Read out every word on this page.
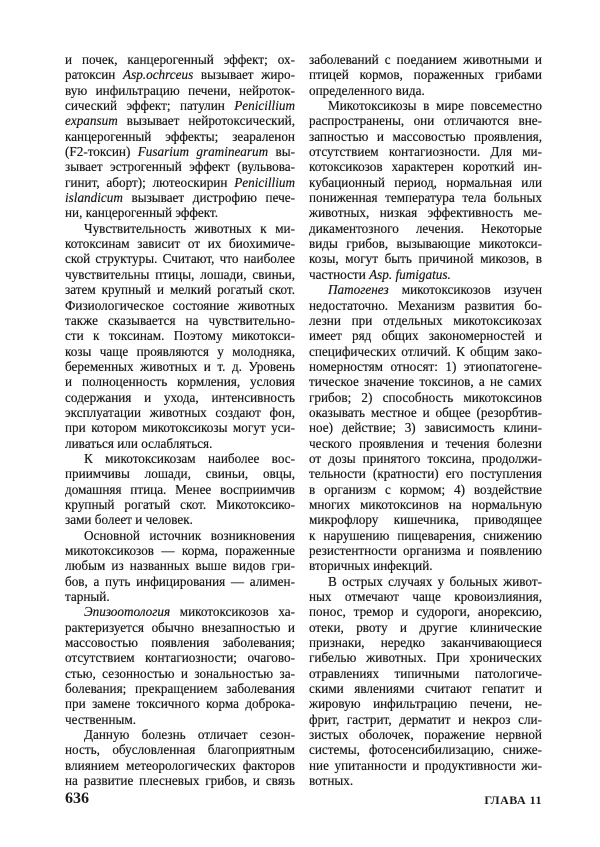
и почек, канцерогенный эффект; ох-
ратоксин Asp.ochrceus вызывает жиро-
вую инфильтрацию печени, нейроток-
сический эффект; патулин Penicillium
expansum вызывает нейротоксический,
канцерогенный эффекты; зеараленон
(F2-токсин) Fusarium graminearum вы-
зывает эстрогенный эффект (вульвова-
гинит, аборт); лютеоскирин Penicillium
islandicum вызывает дистрофию пече-
ни, канцерогенный эффект.
Чувствительность животных к ми-
котоксинам зависит от их биохимиче-
ской структуры. Считают, что наиболее
чувствительны птицы, лошади, свиньи,
затем крупный и мелкий рогатый скот.
Физиологическое состояние животных
также сказывается на чувствительно-
сти к токсинам. Поэтому микотокси-
козы чаще проявляются у молодняка,
беременных животных и т. д. Уровень
и полноценность кормления, условия
содержания и ухода, интенсивность
эксплуатации животных создают фон,
при котором микотоксикозы могут уси-
ливаться или ослабляться.
К микотоксикозам наиболее вос-
приимчивы лошади, свиньи, овцы,
домашняя птица. Менее восприимчив
крупный рогатый скот. Микотоксико-
зами болеет и человек.
Основной источник возникновения
микотоксикозов — корма, пораженные
любым из названных выше видов гри-
бов, а путь инфицирования — алимен-
тарный.
Эпизоотология микотоксикозов ха-
рактеризуется обычно внезапностью и
массовостью появления заболевания;
отсутствием контагиозности; очагово-
стью, сезонностью и зональностью за-
болевания; прекращением заболевания
при замене токсичного корма доброка-
чественным.
Данную болезнь отличает сезон-
ность, обусловленная благоприятным
влиянием метеорологических факторов
на развитие плесневых грибов, и связь
заболеваний с поеданием животными и
птицей кормов, пораженных грибами
определенного вида.
Микотоксикозы в мире повсеместно
распространены, они отличаются вне-
запностью и массовостью проявления,
отсутствием контагиозности. Для ми-
котоксикозов характерен короткий ин-
кубационный период, нормальная или
пониженная температура тела больных
животных, низкая эффективность ме-
дикаментозного лечения. Некоторые
виды грибов, вызывающие микотокси-
козы, могут быть причиной микозов, в
частности Asp. fumigatus.
Патогенез микотоксикозов изучен
недостаточно. Механизм развития бо-
лезни при отдельных микотоксикозах
имеет ряд общих закономерностей и
специфических отличий. К общим зако-
номерностям относят: 1) этиопатогене-
тическое значение токсинов, а не самих
грибов; 2) способность микотоксинов
оказывать местное и общее (резорбтив-
ное) действие; 3) зависимость клини-
ческого проявления и течения болезни
от дозы принятого токсина, продолжи-
тельности (кратности) его поступления
в организм с кормом; 4) воздействие
многих микотоксинов на нормальную
микрофлору кишечника, приводящее
к нарушению пищеварения, снижению
резистентности организма и появлению
вторичных инфекций.
В острых случаях у больных живот-
ных отмечают чаще кровоизлияния,
понос, тремор и судороги, анорексию,
отеки, рвоту и другие клинические
признаки, нередко заканчивающиеся
гибелью животных. При хронических
отравлениях типичными патологиче-
скими явлениями считают гепатит и
жировую инфильтрацию печени, не-
фрит, гастрит, дерматит и некроз сли-
зистых оболочек, поражение нервной
системы, фотосенсибилизацию, сниже-
ние упитанности и продуктивности жи-
вотных.
636	ГЛАВА 11
